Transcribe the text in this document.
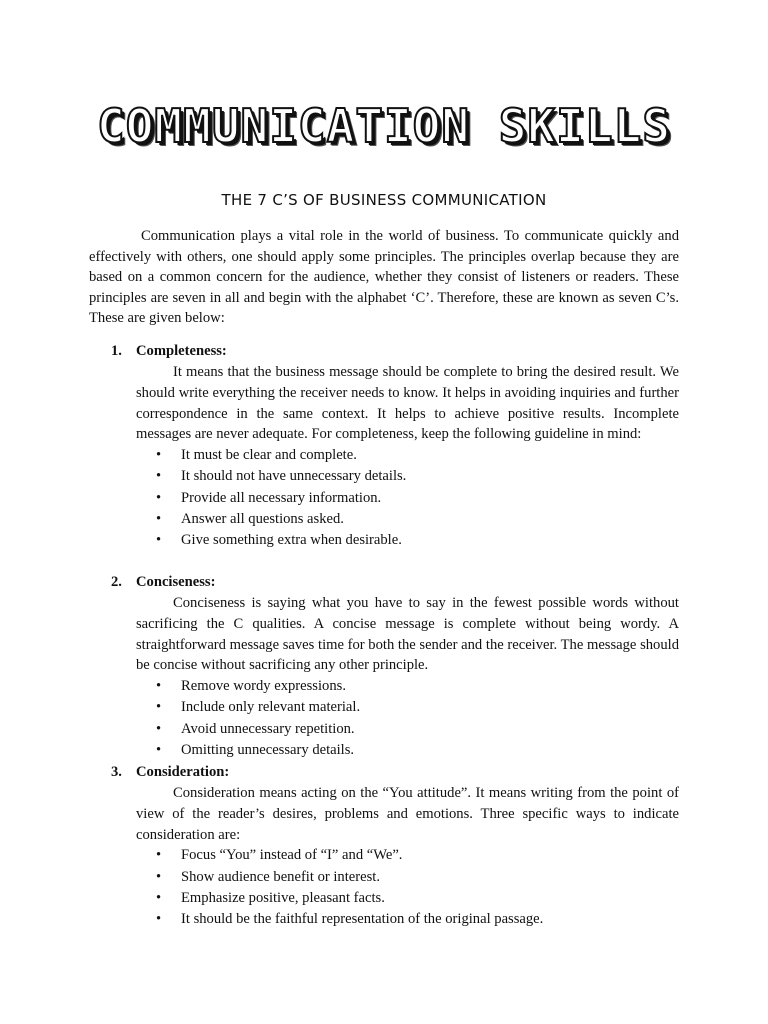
COMMUNICATION SKILLS
THE 7 C’S OF BUSINESS COMMUNICATION

Communication plays a vital role in the world of business. To communicate quickly and effectively with others, one should apply some principles. The principles overlap because they are based on a common concern for the audience, whether they consist of listeners or readers. These principles are seven in all and begin with the alphabet ‘C’. Therefore, these are known as seven C’s. These are given below:

1. Completeness:

It means that the business message should be complete to bring the desired result. We should write everything the receiver needs to know. It helps in avoiding inquiries and further correspondence in the same context. It helps to achieve positive results. Incomplete messages are never adequate. For completeness, keep the following guideline in mind:

• It must be clear and complete.
• It should not have unnecessary details.
• Provide all necessary information.
• Answer all questions asked.
• Give something extra when desirable.
2. Conciseness:

Conciseness is saying what you have to say in the fewest possible words without sacrificing the C qualities. A concise message is complete without being wordy. A straightforward message saves time for both the sender and the receiver. The message should be concise without sacrificing any other principle.

• Remove wordy expressions.
• Include only relevant material.
• Avoid unnecessary repetition.
• Omitting unnecessary details.
3. Consideration:

Consideration means acting on the “You attitude”. It means writing from the point of view of the reader’s desires, problems and emotions. Three specific ways to indicate consideration are:

• Focus “You” instead of “I” and “We”.
• Show audience benefit or interest.
• Emphasize positive, pleasant facts.
• It should be the faithful representation of the original passage.
